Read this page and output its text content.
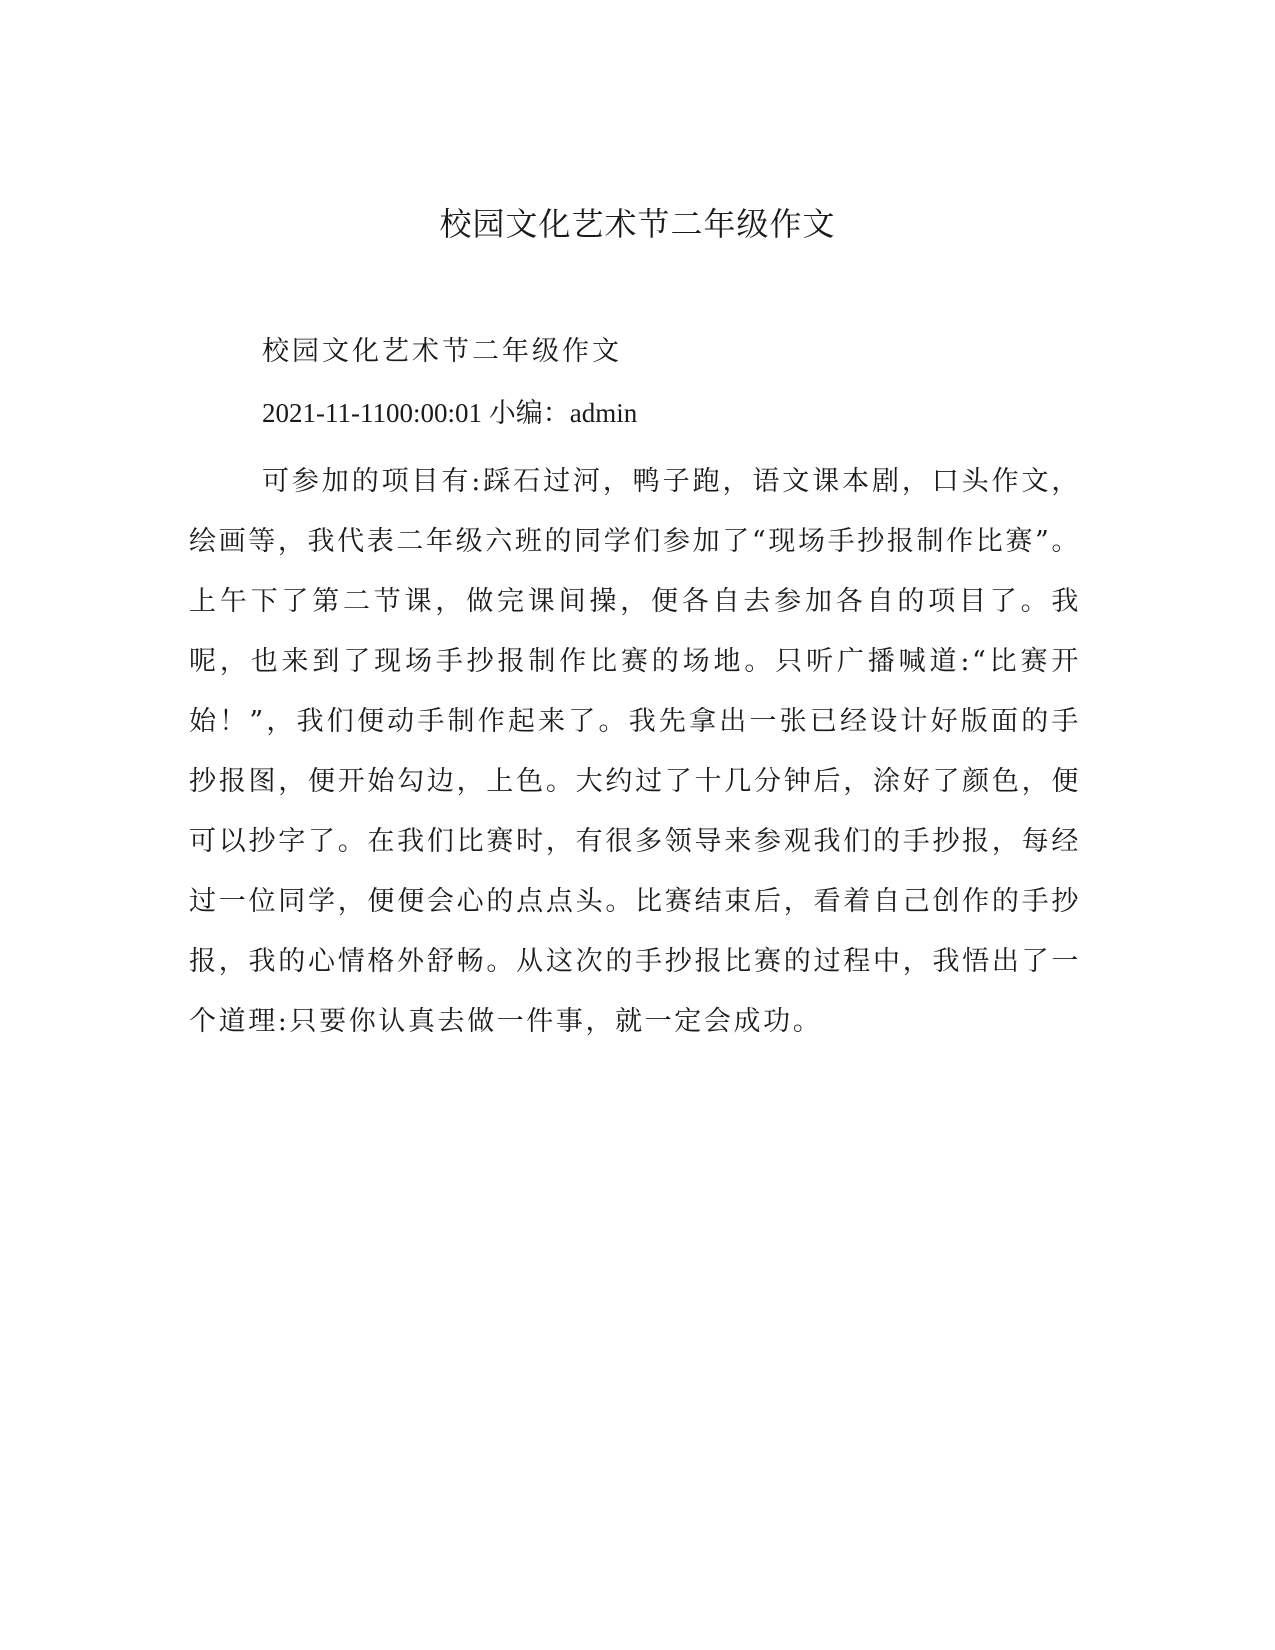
校园文化艺术节二年级作文

校园文化艺术节二年级作文

2021-11-1100:00:01 小编：admin

可参加的项目有:踩石过河，鸭子跑，语文课本剧，口头作文，绘画等，我代表二年级六班的同学们参加了“现场手抄报制作比赛”。上午下了第二节课，做完课间操，便各自去参加各自的项目了。我呢，也来到了现场手抄报制作比赛的场地。只听广播喊道:“比赛开始！”，我们便动手制作起来了。我先拿出一张已经设计好版面的手抄报图，便开始勾边，上色。大约过了十几分钟后，涂好了颜色，便可以抄字了。在我们比赛时，有很多领导来参观我们的手抄报，每经过一位同学，便便会心的点点头。比赛结束后，看着自己创作的手抄报，我的心情格外舒畅。从这次的手抄报比赛的过程中，我悟出了一个道理:只要你认真去做一件事，就一定会成功。
